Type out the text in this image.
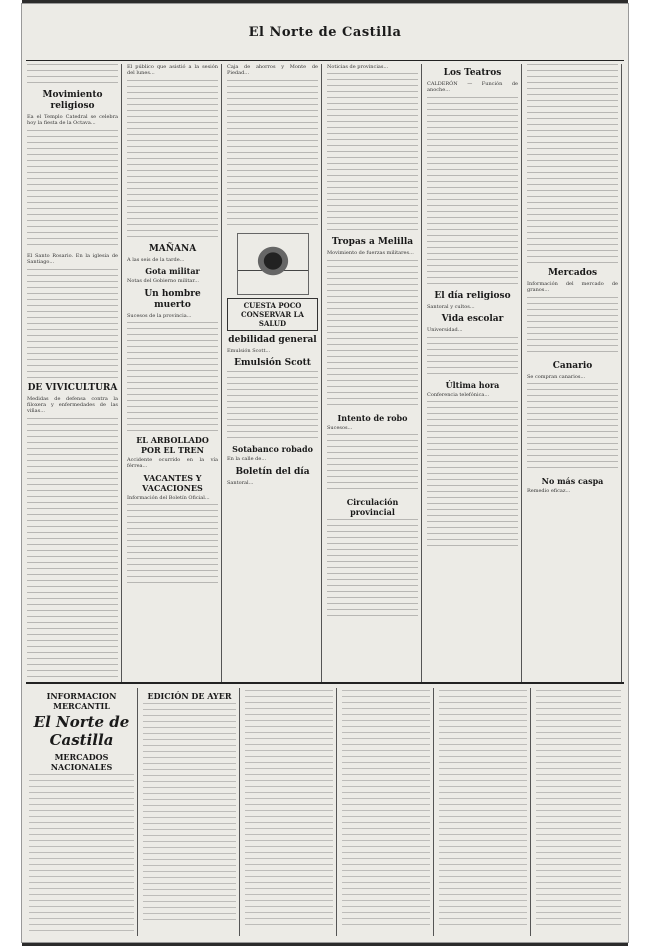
El Norte de Castilla
Movimiento religioso

Ea el Templo Catedral se celebra hoy la fiesta de la Octava...

El Santo Rosario. En la iglesia de Santiago...

DE VIVICULTURA

Medidas de defensa contra la filoxera y enfermedades de las viñas...

El público que asistió a la sesión del lunes...

MAÑANA

A las seis de la tarde...

Gota militar

Notas del Gobierno militar...

Un hombre muerto

Sucesos de la provincia...

EL ARBOLLADO POR EL TREN

Accidente ocurrido en la vía férrea...

VACANTES Y VACACIONES

Información del Boletín Oficial...

Caja de ahorros y Monte de Piedad...

CUESTA POCO CONSERVAR LA SALUD
debilidad general

Emulsión Scott...

Emulsión Scott
Sotabanco robado

En la calle de...

Boletín del día

Santoral...

Noticias de provincias...

Tropas a Melilla

Movimiento de fuerzas militares...

Intento de robo

Sucesos...

Circulación provincial
Los Teatros

CALDERÓN — Función de anoche...

El día religioso

Santoral y cultos...

Vida escolar

Universidad...

Última hora

Conferencia telefónica...

Mercados

Información del mercado de granos...

Canario

Se compran canarios...

No más caspa

Remedio eficaz...

INFORMACION MERCANTIL
El Norte de Castilla
MERCADOS NACIONALES
EDICIÓN DE AYER
